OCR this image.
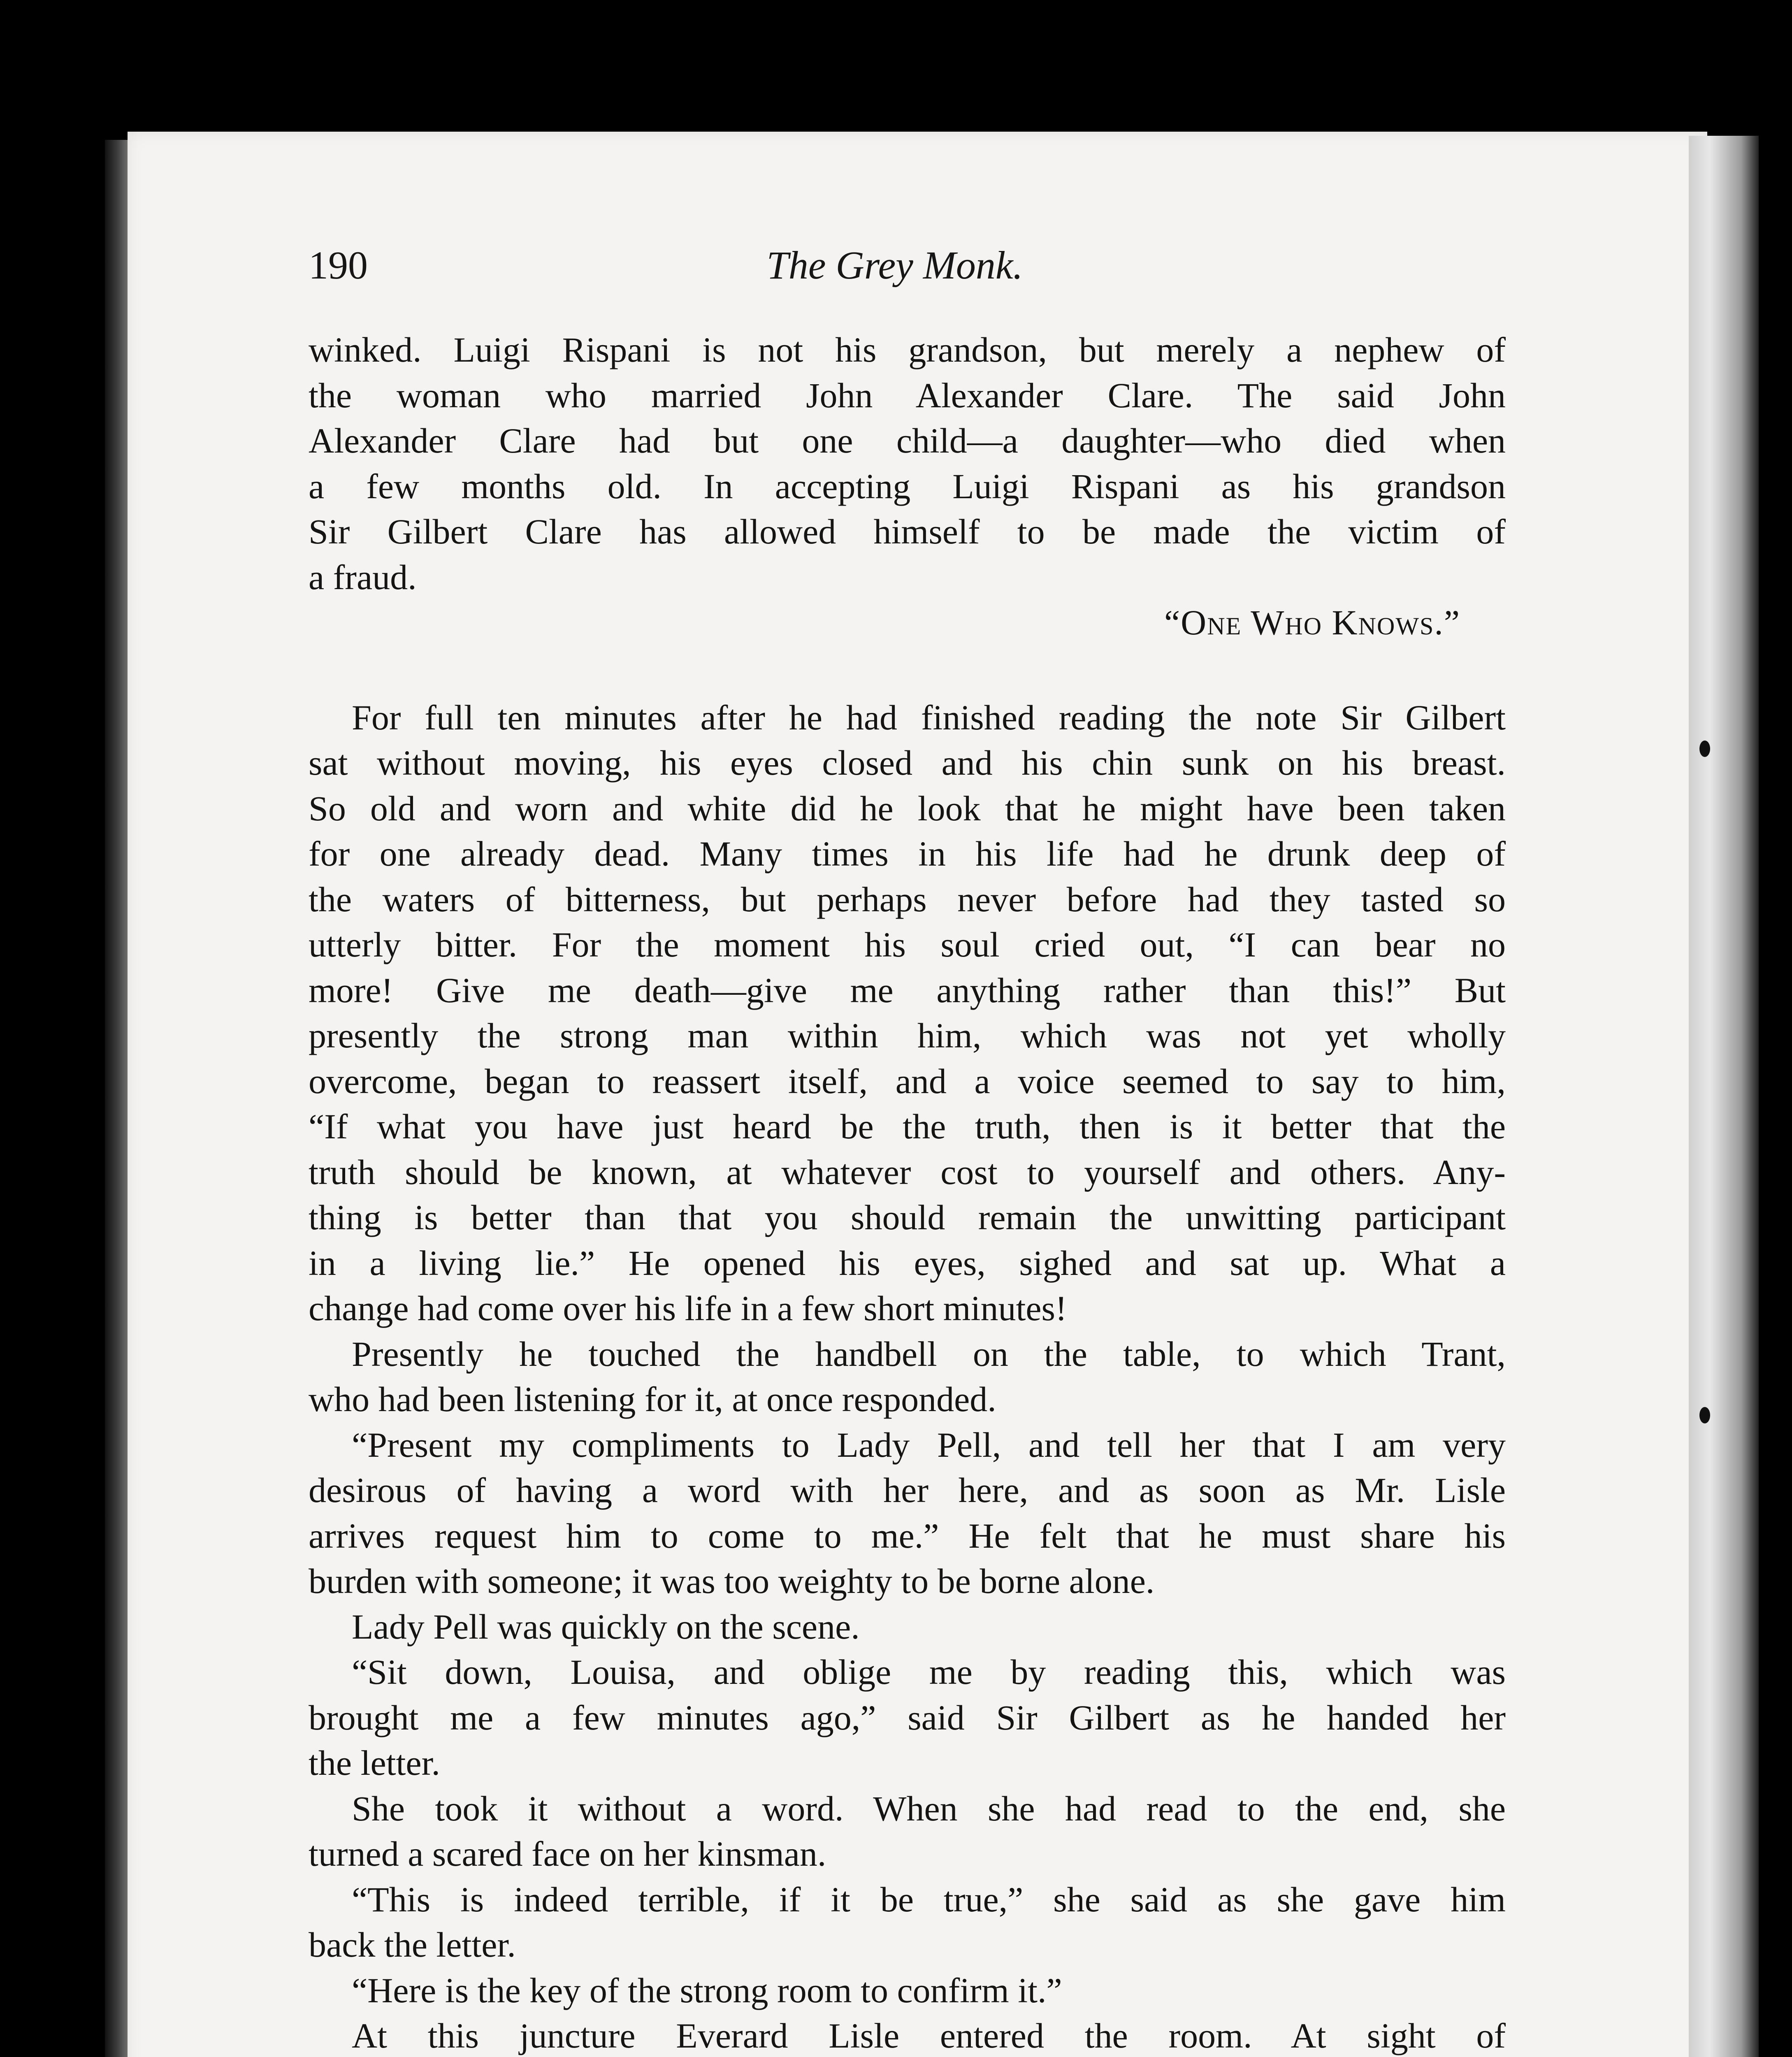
190	The Grey Monk.
winked. Luigi Rispani is not his grandson, but merely a nephew of
the woman who married John Alexander Clare. The said John
Alexander Clare had but one child—a daughter—who died when
a few months old. In accepting Luigi Rispani as his grandson
Sir Gilbert Clare has allowed himself to be made the victim of
a fraud.
“One Who Knows.”
For full ten minutes after he had finished reading the note Sir Gilbert
sat without moving, his eyes closed and his chin sunk on his breast.
So old and worn and white did he look that he might have been taken
for one already dead. Many times in his life had he drunk deep of
the waters of bitterness, but perhaps never before had they tasted so
utterly bitter. For the moment his soul cried out, “I can bear no
more! Give me death—give me anything rather than this!” But
presently the strong man within him, which was not yet wholly
overcome, began to reassert itself, and a voice seemed to say to him,
“If what you have just heard be the truth, then is it better that the
truth should be known, at whatever cost to yourself and others. Any-
thing is better than that you should remain the unwitting participant
in a living lie.” He opened his eyes, sighed and sat up. What a
change had come over his life in a few short minutes!
Presently he touched the handbell on the table, to which Trant,
who had been listening for it, at once responded.
“Present my compliments to Lady Pell, and tell her that I am very
desirous of having a word with her here, and as soon as Mr. Lisle
arrives request him to come to me.” He felt that he must share his
burden with someone; it was too weighty to be borne alone.
Lady Pell was quickly on the scene.
“Sit down, Louisa, and oblige me by reading this, which was
brought me a few minutes ago,” said Sir Gilbert as he handed her
the letter.
She took it without a word. When she had read to the end, she
turned a scared face on her kinsman.
“This is indeed terrible, if it be true,” she said as she gave him
back the letter.
“Here is the key of the strong room to confirm it.”
At this juncture Everard Lisle entered the room. At sight of
